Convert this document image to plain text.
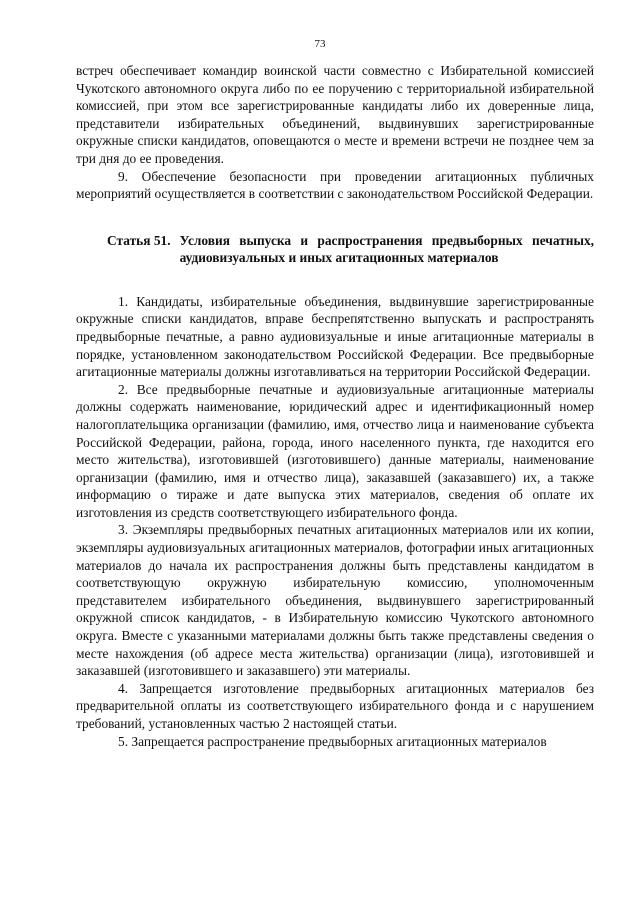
73

встреч обеспечивает командир воинской части совместно с Избирательной комиссией Чукотского автономного округа либо по ее поручению с территориальной избирательной комиссией, при этом все зарегистрированные кандидаты либо их доверенные лица, представители избирательных объединений, выдвинувших зарегистрированные окружные списки кандидатов, оповещаются о месте и времени встречи не позднее чем за три дня до ее проведения.

9. Обеспечение безопасности при проведении агитационных публичных мероприятий осуществляется в соответствии с законодательством Российской Федерации.

Статья 51. Условия выпуска и распространения предвыборных печатных, аудиовизуальных и иных агитационных материалов

1. Кандидаты, избирательные объединения, выдвинувшие зарегистрированные окружные списки кандидатов, вправе беспрепятственно выпускать и распространять предвыборные печатные, а равно аудиовизуальные и иные агитационные материалы в порядке, установленном законодательством Российской Федерации. Все предвыборные агитационные материалы должны изготавливаться на территории Российской Федерации.

2. Все предвыборные печатные и аудиовизуальные агитационные материалы должны содержать наименование, юридический адрес и идентификационный номер налогоплательщика организации (фамилию, имя, отчество лица и наименование субъекта Российской Федерации, района, города, иного населенного пункта, где находится его место жительства), изготовившей (изготовившего) данные материалы, наименование организации (фамилию, имя и отчество лица), заказавшей (заказавшего) их, а также информацию о тираже и дате выпуска этих материалов, сведения об оплате их изготовления из средств соответствующего избирательного фонда.

3. Экземпляры предвыборных печатных агитационных материалов или их копии, экземпляры аудиовизуальных агитационных материалов, фотографии иных агитационных материалов до начала их распространения должны быть представлены кандидатом в соответствующую окружную избирательную комиссию, уполномоченным представителем избирательного объединения, выдвинувшего зарегистрированный окружной список кандидатов, - в Избирательную комиссию Чукотского автономного округа. Вместе с указанными материалами должны быть также представлены сведения о месте нахождения (об адресе места жительства) организации (лица), изготовившей и заказавшей (изготовившего и заказавшего) эти материалы.

4. Запрещается изготовление предвыборных агитационных материалов без предварительной оплаты из соответствующего избирательного фонда и с нарушением требований, установленных частью 2 настоящей статьи.

5. Запрещается распространение предвыборных агитационных материалов
